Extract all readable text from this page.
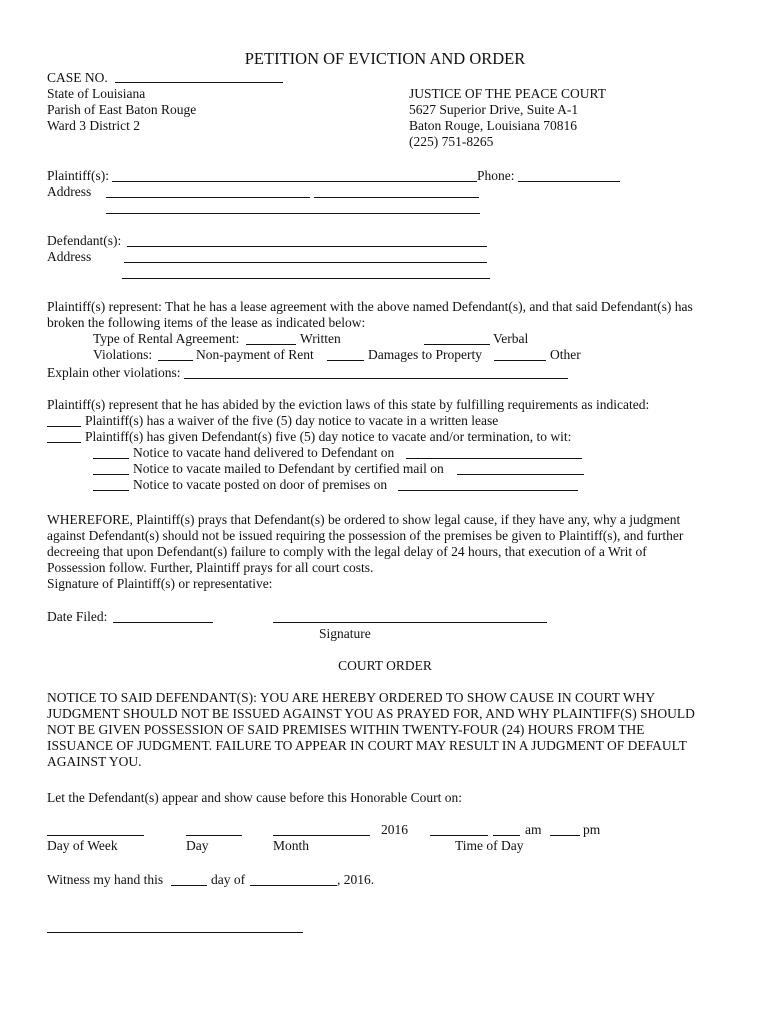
PETITION OF EVICTION AND ORDER
CASE NO.
State of Louisiana
Parish of East Baton Rouge
Ward 3 District 2
JUSTICE OF THE PEACE COURT
5627 Superior Drive, Suite A-1
Baton Rouge, Louisiana 70816
(225) 751-8265
Plaintiff(s):	Phone:
Address
Defendant(s):
Address
Plaintiff(s) represent: That he has a lease agreement with the above named Defendant(s), and that said Defendant(s) has
broken the following items of the lease as indicated below:
Type of Rental Agreement:	Written	Verbal
Violations:	Non-payment of Rent	Damages to Property	Other
Explain other violations:
Plaintiff(s) represent that he has abided by the eviction laws of this state by fulfilling requirements as indicated:
Plaintiff(s) has a waiver of the five (5) day notice to vacate in a written lease
Plaintiff(s) has given Defendant(s) five (5) day notice to vacate and/or termination, to wit:
Notice to vacate hand delivered to Defendant on
Notice to vacate mailed to Defendant by certified mail on
Notice to vacate posted on door of premises on
WHEREFORE, Plaintiff(s) prays that Defendant(s) be ordered to show legal cause, if they have any, why a judgment
against Defendant(s) should not be issued requiring the possession of the premises be given to Plaintiff(s), and further
decreeing that upon Defendant(s) failure to comply with the legal delay of 24 hours, that execution of a Writ of
Possession follow. Further, Plaintiff prays for all court costs.
Signature of Plaintiff(s) or representative:
Date Filed:
Signature
COURT ORDER
NOTICE TO SAID DEFENDANT(S): YOU ARE HEREBY ORDERED TO SHOW CAUSE IN COURT WHY
JUDGMENT SHOULD NOT BE ISSUED AGAINST YOU AS PRAYED FOR, AND WHY PLAINTIFF(S) SHOULD
NOT BE GIVEN POSSESSION OF SAID PREMISES WITHIN TWENTY-FOUR (24) HOURS FROM THE
ISSUANCE OF JUDGMENT. FAILURE TO APPEAR IN COURT MAY RESULT IN A JUDGMENT OF DEFAULT
AGAINST YOU.
Let the Defendant(s) appear and show cause before this Honorable Court on:
2016	am	pm
Day of Week	Day	Month	Time of Day
Witness my hand this	day of	, 2016.
